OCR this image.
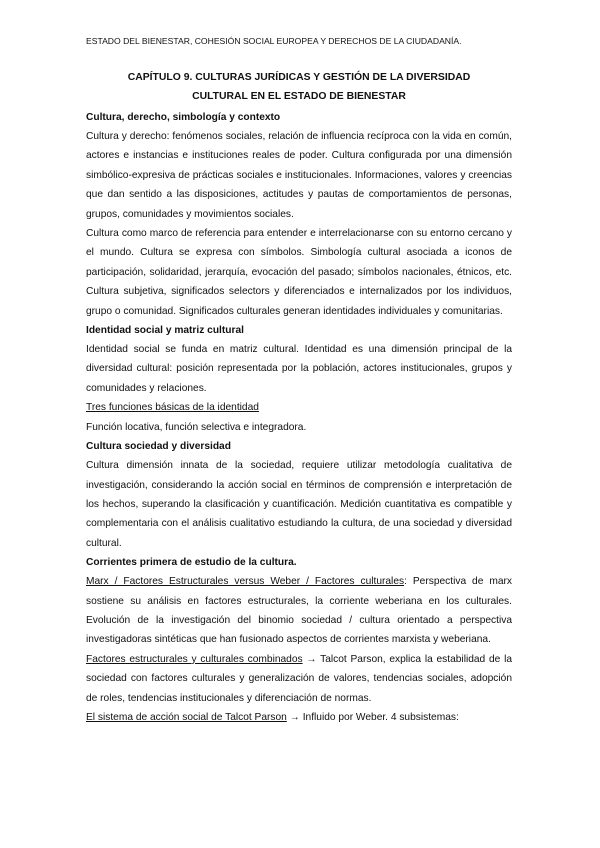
ESTADO DEL BIENESTAR, COHESIÓN SOCIAL EUROPEA Y DERECHOS DE LA CIUDADANÍA.
CAPÍTULO 9. CULTURAS JURÍDICAS Y GESTIÓN DE LA DIVERSIDAD
CULTURAL EN EL ESTADO DE BIENESTAR
Cultura, derecho, simbología y contexto

Cultura y derecho: fenómenos sociales, relación de influencia recíproca con la vida en común, actores e instancias e instituciones reales de poder. Cultura configurada por una dimensión simbólico-expresiva de prácticas sociales e institucionales. Informaciones, valores y creencias que dan sentido a las disposiciones, actitudes y pautas de comportamientos de personas, grupos, comunidades y movimientos sociales.

Cultura como marco de referencia para entender e interrelacionarse con su entorno cercano y el mundo. Cultura se expresa con símbolos. Simbología cultural asociada a iconos de participación, solidaridad, jerarquía, evocación del pasado; símbolos nacionales, étnicos, etc. Cultura subjetiva, significados selectors y diferenciados e internalizados por los individuos, grupo o comunidad. Significados culturales generan identidades individuales y comunitarias.

Identidad social y matriz cultural

Identidad social se funda en matriz cultural. Identidad es una dimensión principal de la diversidad cultural: posición representada por la población, actores institucionales, grupos y comunidades y relaciones.

Tres funciones básicas de la identidad

Función locativa, función selectiva e integradora.

Cultura sociedad y diversidad

Cultura dimensión innata de la sociedad, requiere utilizar metodología cualitativa de investigación, considerando la acción social en términos de comprensión e interpretación de los hechos, superando la clasificación y cuantificación. Medición cuantitativa es compatible y complementaria con el análisis cualitativo estudiando la cultura, de una sociedad y diversidad cultural.

Corrientes primera de estudio de la cultura.

Marx / Factores Estructurales versus Weber / Factores culturales: Perspectiva de marx sostiene su análisis en factores estructurales, la corriente weberiana en los culturales. Evolución de la investigación del binomio sociedad / cultura orientado a perspectiva investigadoras sintéticas que han fusionado aspectos de corrientes marxista y weberiana.

Factores estructurales y culturales combinados → Talcot Parson, explica la estabilidad de la sociedad con factores culturales y generalización de valores, tendencias sociales, adopción de roles, tendencias institucionales y diferenciación de normas.

El sistema de acción social de Talcot Parson → Influido por Weber. 4 subsistemas:
